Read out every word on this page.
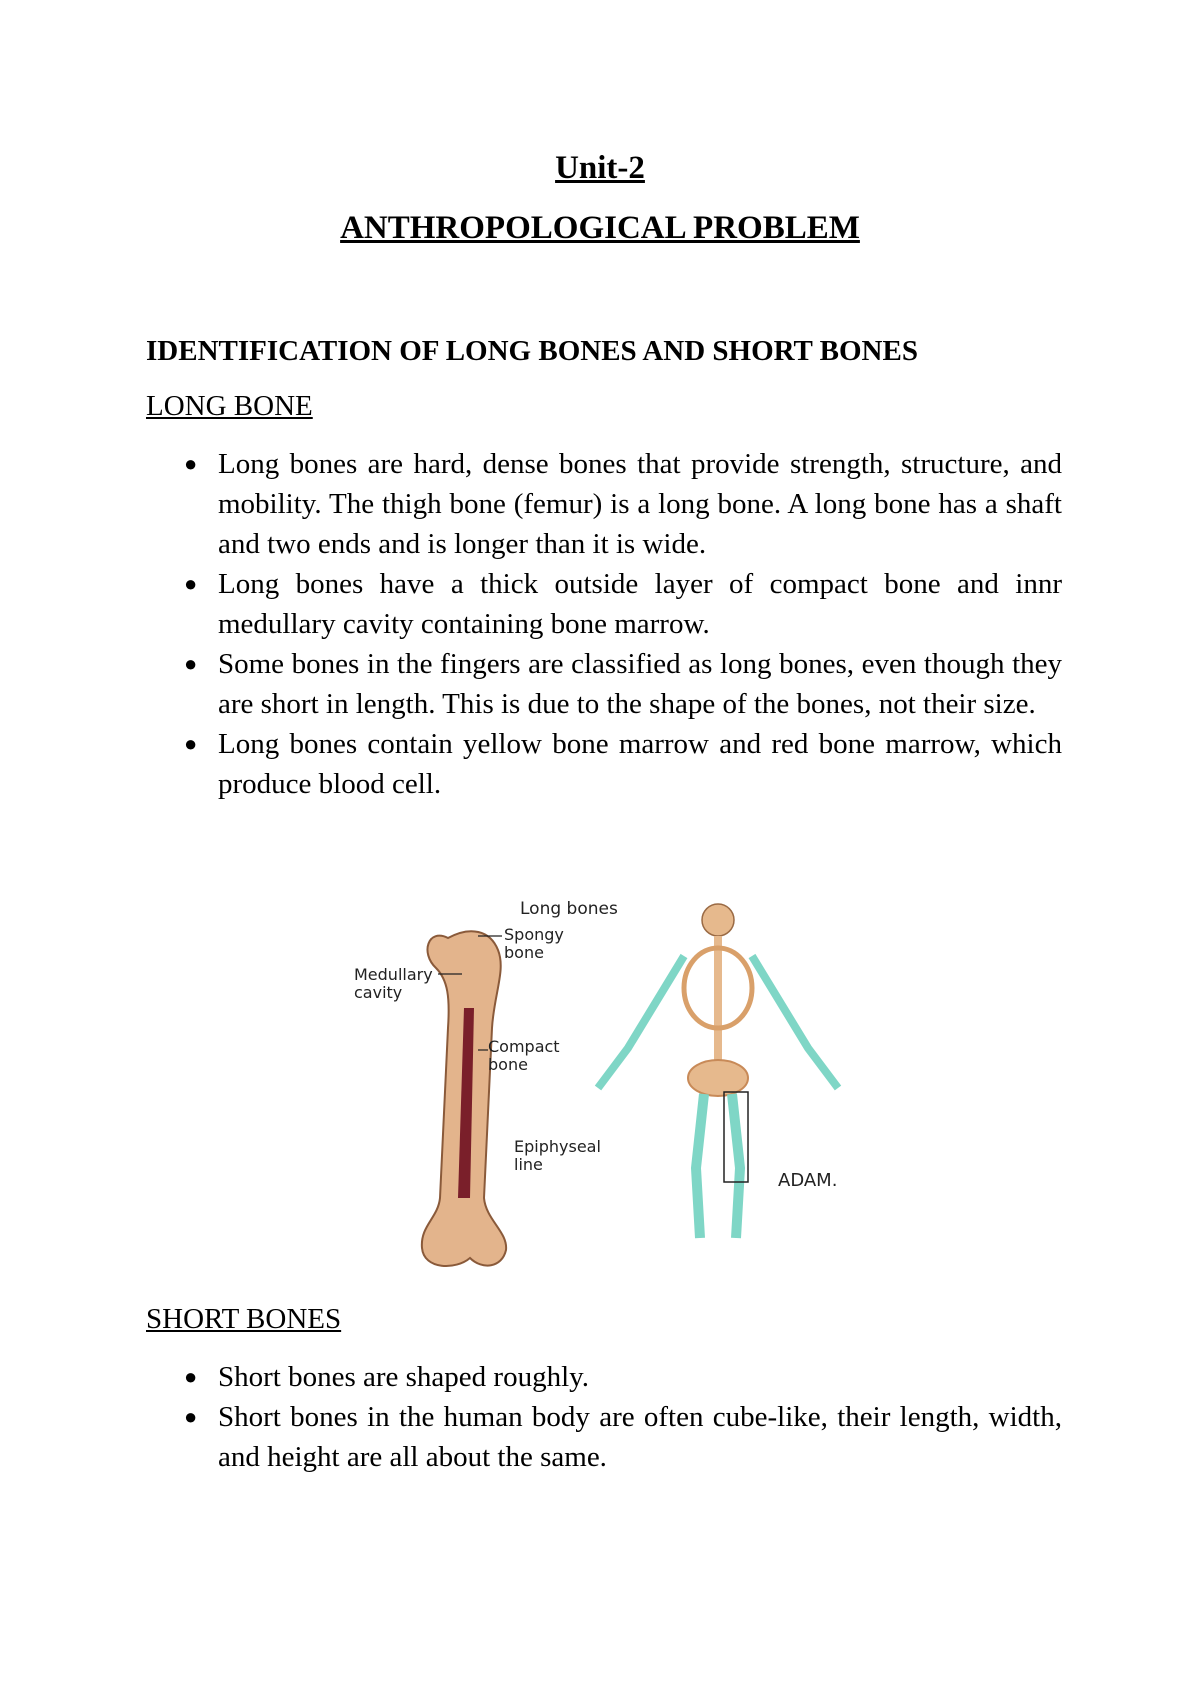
Unit-2
ANTHROPOLOGICAL PROBLEM
IDENTIFICATION OF LONG BONES AND SHORT BONES
LONG BONE
● Long bones are hard, dense bones that provide strength, structure, and mobility. The thigh bone (femur) is a long bone. A long bone has a shaft and two ends and is longer than it is wide.
● Long bones have a thick outside layer of compact bone and innr medullary cavity containing bone marrow.
● Some bones in the fingers are classified as long bones, even though they are short in length. This is due to the shape of the bones, not their size.
● Long bones contain yellow bone marrow and red bone marrow, which produce blood cell.
Long bones
Spongy
bone
Medullary
cavity
Compact
bone
Epiphyseal
line
ADAM.
SHORT BONES
● Short bones are shaped roughly.
● Short bones in the human body are often cube-like, their length, width, and height are all about the same.
